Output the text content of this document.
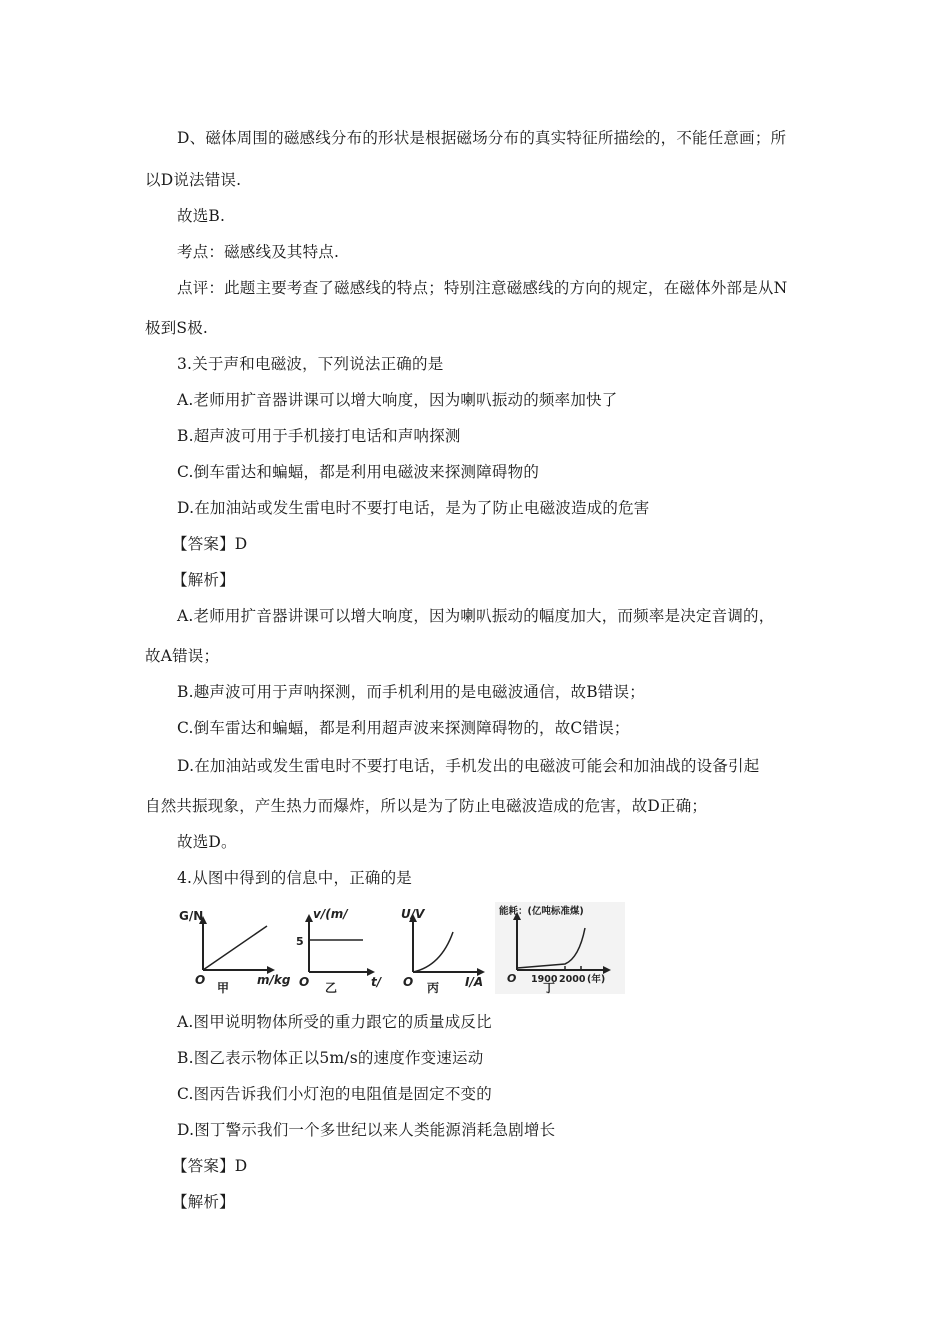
D、磁体周围的磁感线分布的形状是根据磁场分布的真实特征所描绘的，不能任意画；所
以D说法错误.
故选B.
考点：磁感线及其特点.
点评：此题主要考查了磁感线的特点；特别注意磁感线的方向的规定，在磁体外部是从N
极到S极.
3.关于声和电磁波，下列说法正确的是
A.老师用扩音器讲课可以增大响度，因为喇叭振动的频率加快了
B.超声波可用于手机接打电话和声呐探测
C.倒车雷达和蝙蝠，都是利用电磁波来探测障碍物的
D.在加油站或发生雷电时不要打电话，是为了防止电磁波造成的危害
【答案】D
【解析】
A.老师用扩音器讲课可以增大响度，因为喇叭振动的幅度加大，而频率是决定音调的，
故A错误；
B.趣声波可用于声呐探测，而手机利用的是电磁波通信，故B错误；
C.倒车雷达和蝙蝠，都是利用超声波来探测障碍物的，故C错误；
D.在加油站或发生雷电时不要打电话，手机发出的电磁波可能会和加油战的设备引起
自然共振现象，产生热力而爆炸，所以是为了防止电磁波造成的危害，故D正确；
故选D。
4.从图中得到的信息中，正确的是
G/N
O	m/kg
甲
v/(m/
5
O	t/
乙
U/V
O	I/A
丙
能耗：(亿吨标准煤)
O 1900 2000 (年)
丁
A.图甲说明物体所受的重力跟它的质量成反比
B.图乙表示物体正以5m/s的速度作变速运动
C.图丙告诉我们小灯泡的电阻值是固定不变的
D.图丁警示我们一个多世纪以来人类能源消耗急剧增长
【答案】D
【解析】
